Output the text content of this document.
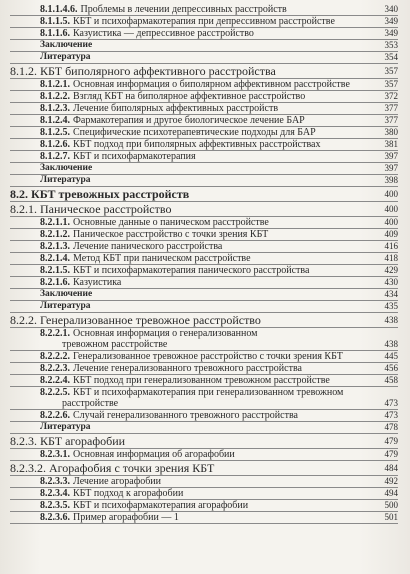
8.1.1.4.6. Проблемы в лечении депрессивных расстройств	340
8.1.1.5. КБТ и психофармакотерапия при депрессивном расстройстве	349
8.1.1.6. Казуистика — депрессивное расстройство	349
Заключение	353
Литература	354
8.1.2. КБТ биполярного аффективного расстройства	357
8.1.2.1. Основная информация о биполярном аффективном расстройстве	357
8.1.2.2. Взгляд КБТ на биполярное аффективное расстройство	372
8.1.2.3. Лечение биполярных аффективных расстройств	377
8.1.2.4. Фармакотерапия и другое биологическое лечение БАР	377
8.1.2.5. Специфические психотерапевтические подходы для БАР	380
8.1.2.6. КБТ подход при биполярных аффективных расстройствах	381
8.1.2.7. КБТ и психофармакотерапия	397
Заключение	397
Литература	398
8.2. КБТ тревожных расстройств	400
8.2.1. Паническое расстройство	400
8.2.1.1. Основные данные о паническом расстройстве	400
8.2.1.2. Паническое расстройство с точки зрения КБТ	409
8.2.1.3. Лечение панического расстройства	416
8.2.1.4. Метод КБТ при паническом расстройстве	418
8.2.1.5. КБТ и психофармакотерапия панического расстройства	429
8.2.1.6. Казуистика	430
Заключение	434
Литература	435
8.2.2. Генерализованное тревожное расстройство	438
8.2.2.1. Основная информация о генерализованном
тревожном расстройстве	438
8.2.2.2. Генерализованное тревожное расстройство с точки зрения КБТ	445
8.2.2.3. Лечение генерализованного тревожного расстройства	456
8.2.2.4. КБТ подход при генерализованном тревожном расстройстве	458
8.2.2.5. КБТ и психофармакотерапия при генерализованном тревожном
расстройстве	473
8.2.2.6. Случай генерализованного тревожного расстройства	473
Литература	478
8.2.3. КБТ агорафобии	479
8.2.3.1. Основная информация об агорафобии	479
8.2.3.2. Агорафобия с точки зрения КБТ	484
8.2.3.3. Лечение агорафобии	492
8.2.3.4. КБТ подход к агорафобии	494
8.2.3.5. КБТ и психофармакотерапия агорафобии	500
8.2.3.6. Пример агорафобии — 1	501
